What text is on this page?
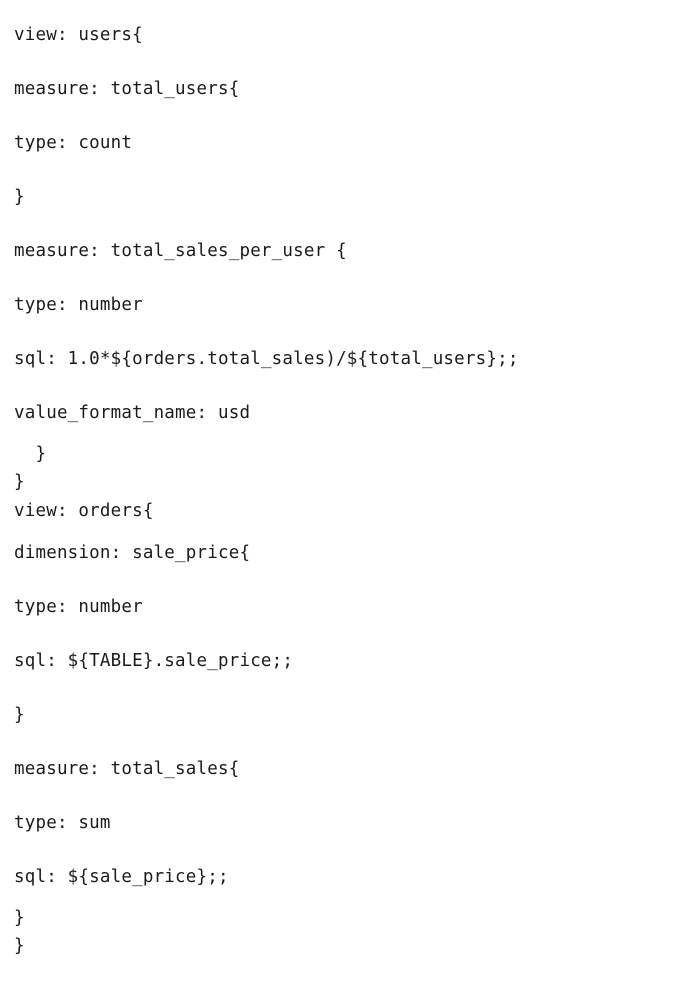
view: users{
measure: total_users{
type: count
}
measure: total_sales_per_user {
type: number
sql: 1.0*${orders.total_sales)/${total_users};;
value_format_name: usd
}
}
view: orders{
dimension: sale_price{
type: number
sql: ${TABLE}.sale_price;;
}
measure: total_sales{
type: sum
sql: ${sale_price};;
}
}
